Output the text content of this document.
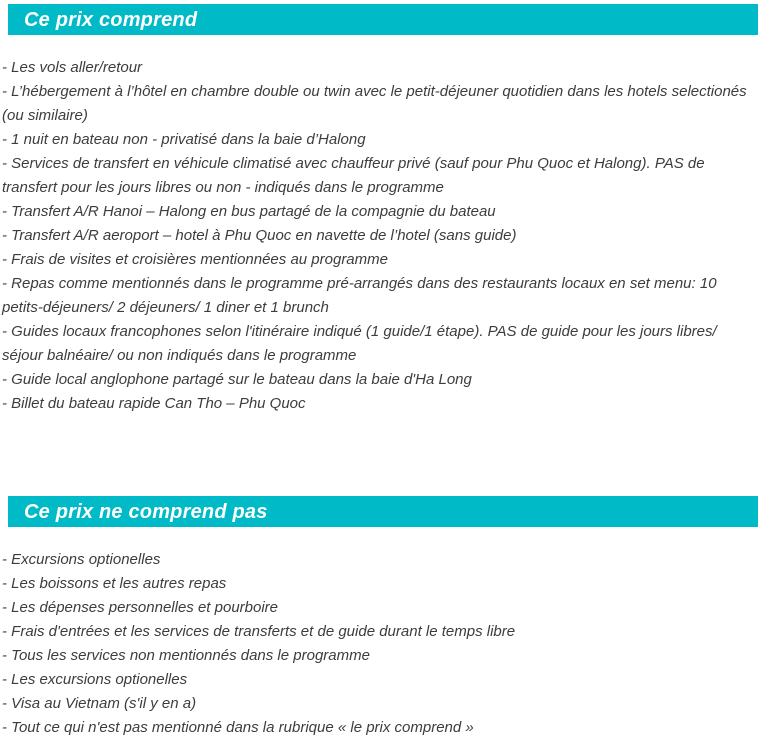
Ce prix comprend

- Les vols aller/retour

- L’hébergement à l’hôtel en chambre double ou twin avec le petit-déjeuner quotidien dans les hotels selectionés (ou similaire)

- 1 nuit en bateau non - privatisé dans la baie d’Halong

- Services de transfert en véhicule climatisé avec chauffeur privé (sauf pour Phu Quoc et Halong). PAS de transfert pour les jours libres ou non - indiqués dans le programme

- Transfert A/R Hanoi – Halong en bus partagé de la compagnie du bateau

- Transfert A/R aeroport – hotel à Phu Quoc en navette de l’hotel (sans guide)

- Frais de visites et croisières mentionnées au programme

- Repas comme mentionnés dans le programme pré-arrangés dans des restaurants locaux en set menu: 10 petits-déjeuners/ 2 déjeuners/ 1 diner et 1 brunch

- Guides locaux francophones selon l'itinéraire indiqué (1 guide/1 étape). PAS de guide pour les jours libres/ séjour balnéaire/ ou non indiqués dans le programme

- Guide local anglophone partagé sur le bateau dans la baie d'Ha Long

- Billet du bateau rapide Can Tho – Phu Quoc

Ce prix ne comprend pas

- Excursions optionelles

- Les boissons et les autres repas

- Les dépenses personnelles et pourboire

- Frais d'entrées et les services de transferts et de guide durant le temps libre

- Tous les services non mentionnés dans le programme

- Les excursions optionelles

- Visa au Vietnam (s'il y en a)

- Tout ce qui n'est pas mentionné dans la rubrique « le prix comprend »
